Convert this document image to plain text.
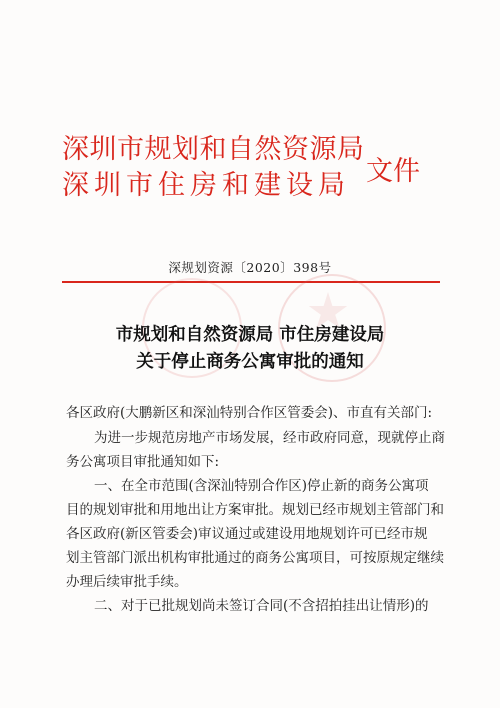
深圳市规划和自然资源局
深圳市住房和建设局 文件
深规划资源〔2020〕398号
市规划和自然资源局 市住房建设局
关于停止商务公寓审批的通知
各区政府(大鹏新区和深汕特别合作区管委会)、市直有关部门:
为进一步规范房地产市场发展，经市政府同意，现就停止商
务公寓项目审批通知如下:
一、在全市范围(含深汕特别合作区)停止新的商务公寓项
目的规划审批和用地出让方案审批。规划已经市规划主管部门和
各区政府(新区管委会)审议通过或建设用地规划许可已经市规
划主管部门派出机构审批通过的商务公寓项目，可按原规定继续
办理后续审批手续。
二、对于已批规划尚未签订合同(不含招拍挂出让情形)的
